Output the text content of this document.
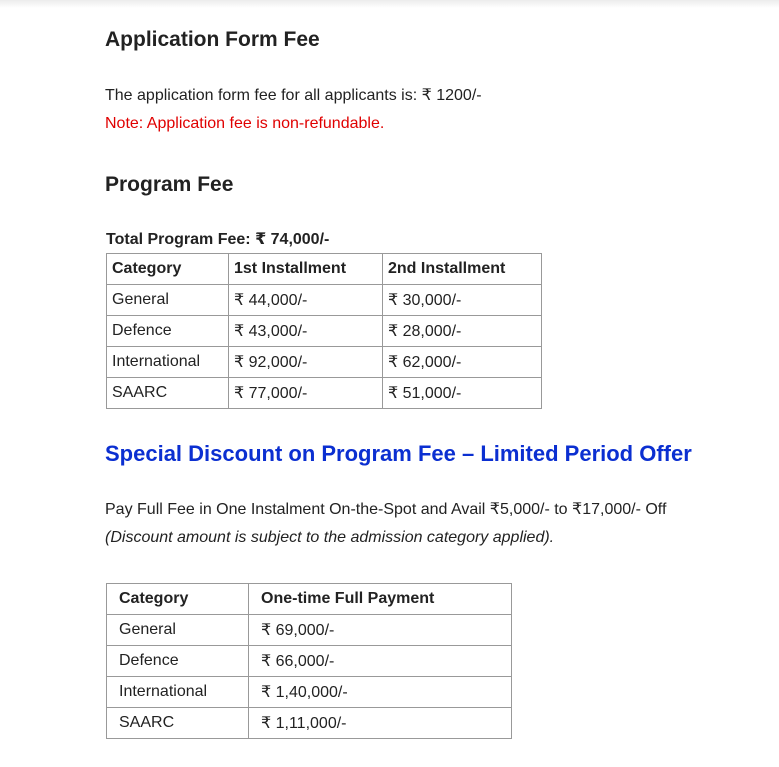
Application Form Fee

The application form fee for all applicants is: ₹ 1200/-

Note: Application fee is non-refundable.

Program Fee

Total Program Fee: ₹ 74,000/-

Category	1st Installment	2nd Installment
General	₹ 44,000/-	₹ 30,000/-
Defence	₹ 43,000/-	₹ 28,000/-
International	₹ 92,000/-	₹ 62,000/-
SAARC	₹ 77,000/-	₹ 51,000/-
Special Discount on Program Fee – Limited Period Offer

Pay Full Fee in One Instalment On-the-Spot and Avail ₹5,000/- to ₹17,000/- Off

(Discount amount is subject to the admission category applied).

Category	One-time Full Payment
General	₹ 69,000/-
Defence	₹ 66,000/-
International	₹ 1,40,000/-
SAARC	₹ 1,11,000/-
